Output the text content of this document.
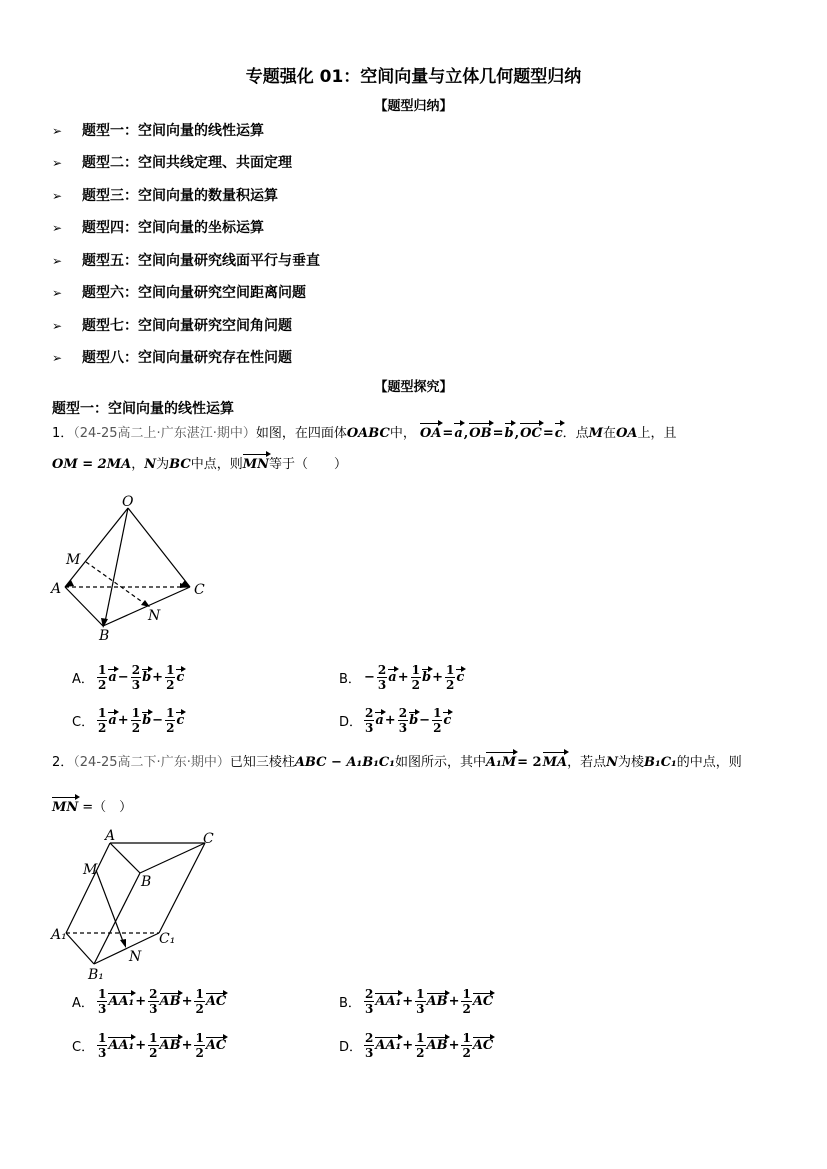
专题强化 01：空间向量与立体几何题型归纳
【题型归纳】
➢ 题型一：空间向量的线性运算
➢ 题型二：空间共线定理、共面定理
➢ 题型三：空间向量的数量积运算
➢ 题型四：空间向量的坐标运算
➢ 题型五：空间向量研究线面平行与垂直
➢ 题型六：空间向量研究空间距离问题
➢ 题型七：空间向量研究空间角问题
➢ 题型八：空间向量研究存在性问题
【题型探究】
题型一：空间向量的线性运算
1．（24-25高二上·广东湛江·期中）如图，在四面体OABC中， OA=a,OB=b,OC=c．点M在OA上，且
OM = 2MA，N为BC中点，则MN等于（　　）
O
M
A	C
N
B
A． $\frac{1}{2} a- \frac{2}{3} b+ \frac{1}{2}$ c	B． − $\frac{2}{3} a+ \frac{1}{2} b+ \frac{1}{2}$ c
C． $\frac{1}{2} a+ \frac{1}{2} b- \frac{1}{2}$ c	D． $\frac{2}{3} a+ \frac{2}{3} b- \frac{1}{2}$ c
2．（24-25高二下·广东·期中）已知三棱柱ABC − A₁B₁C₁如图所示，其中A₁M= 2MA，若点N为棱B₁C₁的中点，则
MN =（　）
A	C
M
B
A₁	C₁
N
B₁
A． $\frac{1}{3} AA_1+ \frac{2}{3} AB+ \frac{1}{2}$ AC	B． $\frac{2}{3} AA_1+ \frac{1}{3} AB+ \frac{1}{2}$ AC
C． $\frac{1}{3} AA_1+ \frac{1}{2} AB+ \frac{1}{2}$ AC	D． $\frac{2}{3} AA_1+ \frac{1}{2} AB+ \frac{1}{2}$ AC
